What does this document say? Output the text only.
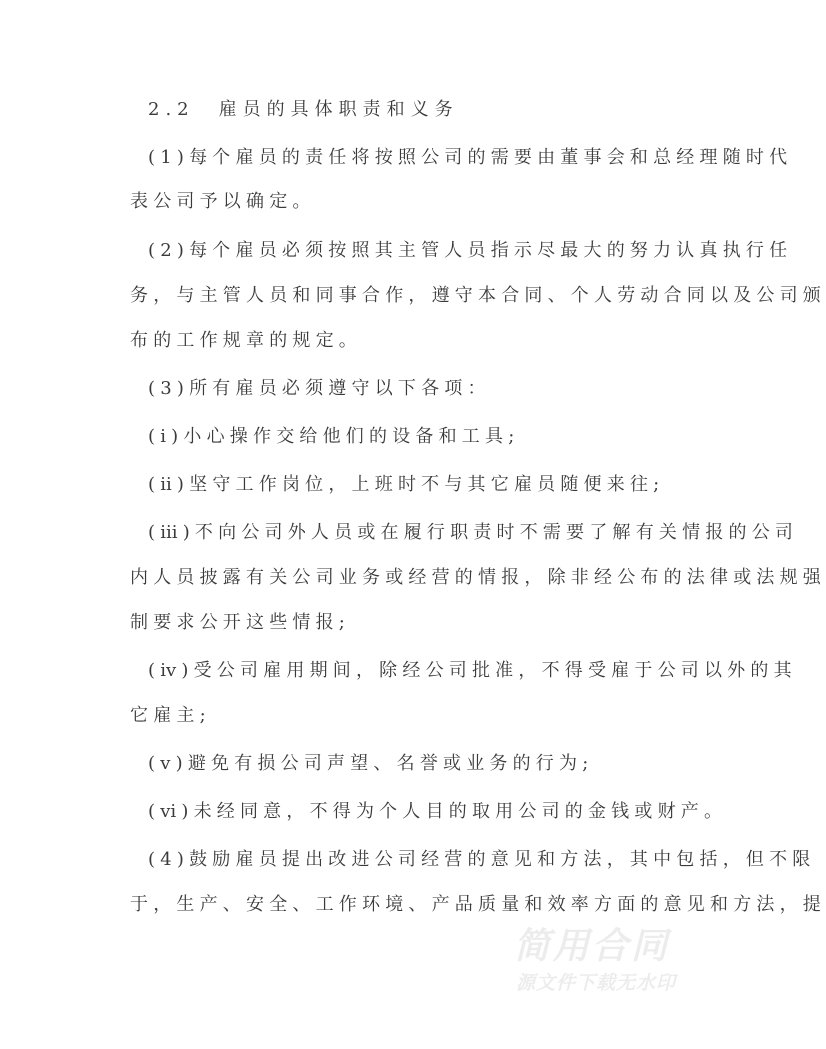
2.2　雇员的具体职责和义务
(1)每个雇员的责任将按照公司的需要由董事会和总经理随时代
表公司予以确定。
(2)每个雇员必须按照其主管人员指示尽最大的努力认真执行任
务，与主管人员和同事合作，遵守本合同、个人劳动合同以及公司颁
布的工作规章的规定。
(3)所有雇员必须遵守以下各项：
(ⅰ)小心操作交给他们的设备和工具;
(ⅱ)坚守工作岗位，上班时不与其它雇员随便来往;
(ⅲ)不向公司外人员或在履行职责时不需要了解有关情报的公司
内人员披露有关公司业务或经营的情报，除非经公布的法律或法规强
制要求公开这些情报;
(ⅳ)受公司雇用期间，除经公司批准，不得受雇于公司以外的其
它雇主;
(ⅴ)避免有损公司声望、名誉或业务的行为;
(ⅵ)未经同意，不得为个人目的取用公司的金钱或财产。
(4)鼓励雇员提出改进公司经营的意见和方法，其中包括，但不限
于，生产、安全、工作环境、产品质量和效率方面的意见和方法，提
简用合同
源文件下载无水印
